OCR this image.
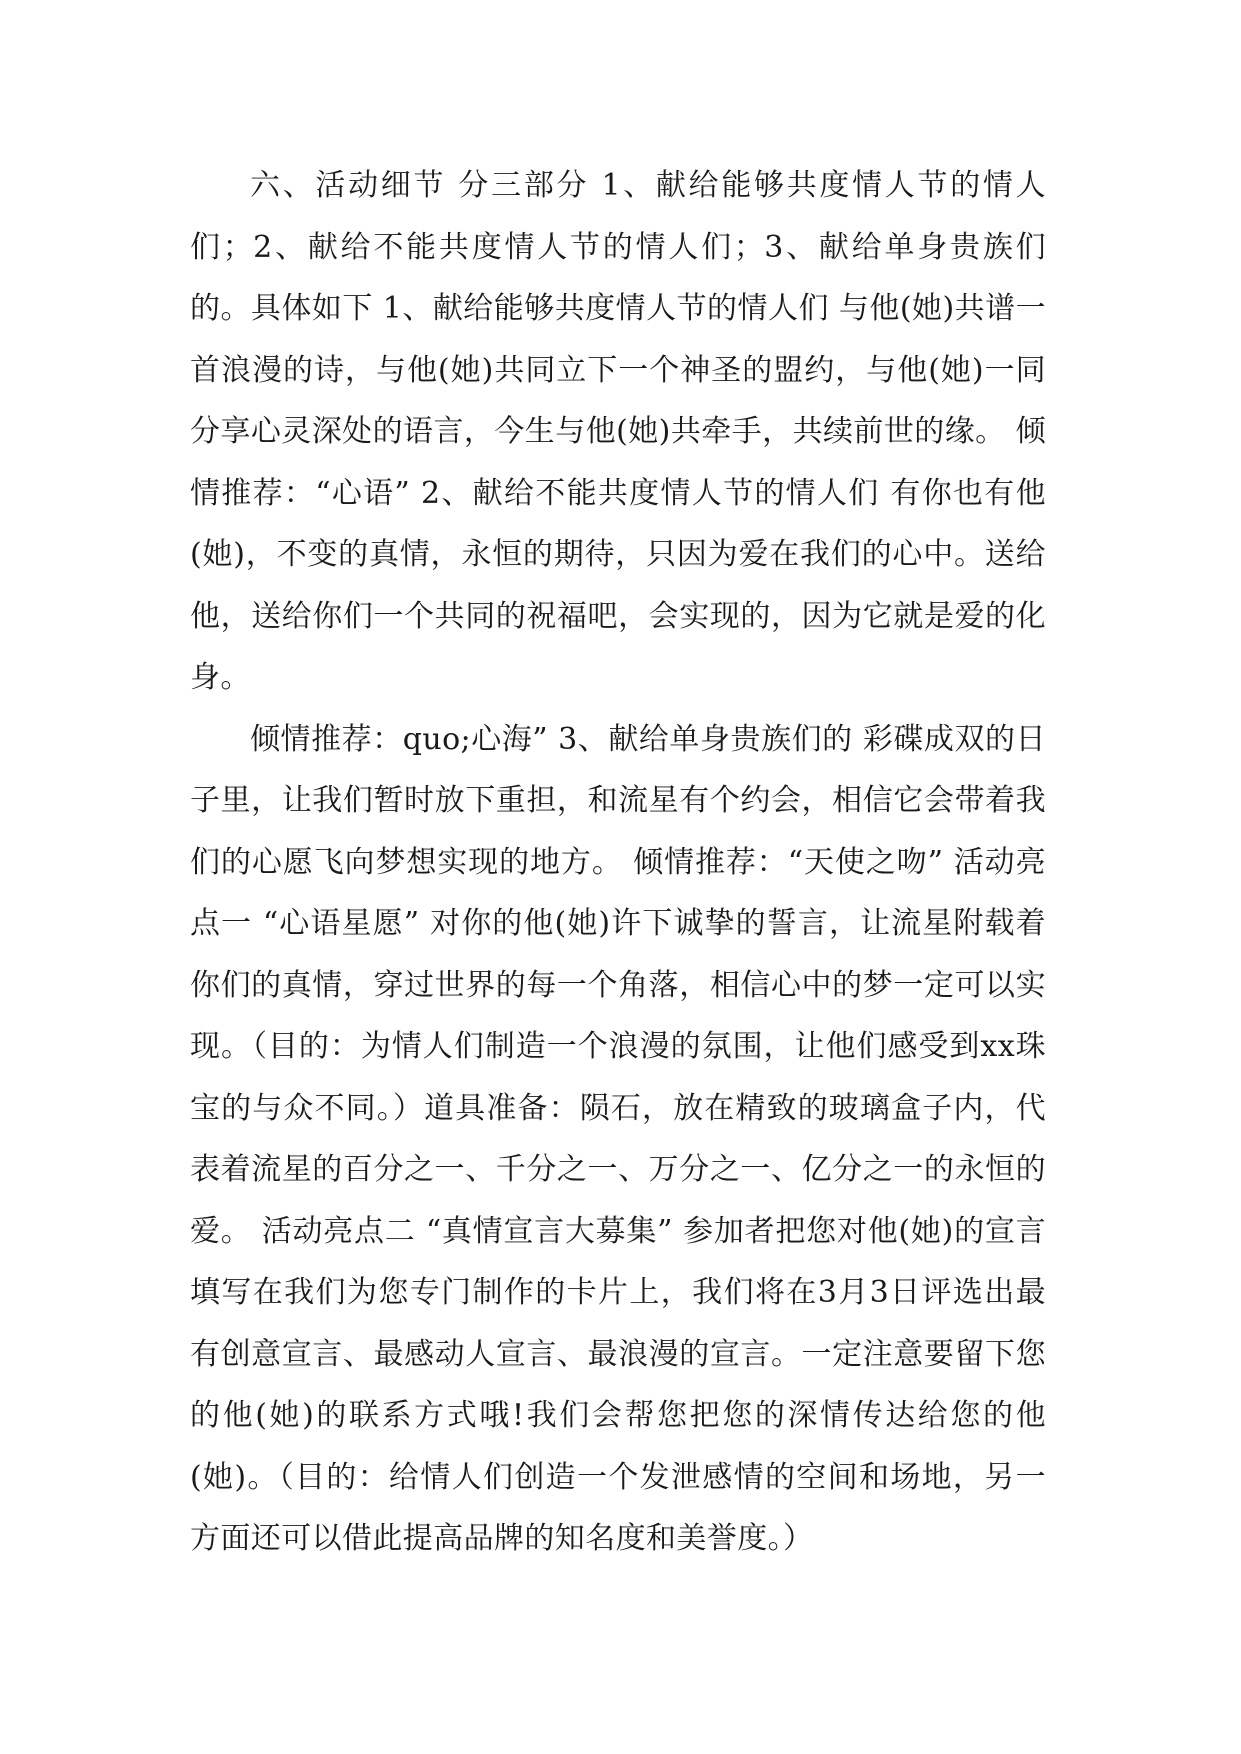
六、活动细节 分三部分 1、献给能够共度情人节的情人们；2、献给不能共度情人节的情人们；3、献给单身贵族们的。具体如下 1、献给能够共度情人节的情人们 与他(她)共谱一首浪漫的诗，与他(她)共同立下一个神圣的盟约，与他(她)一同分享心灵深处的语言，今生与他(她)共牵手，共续前世的缘。 倾情推荐：“心语” 2、献给不能共度情人节的情人们 有你也有他(她)，不变的真情，永恒的期待，只因为爱在我们的心中。送给他，送给你们一个共同的祝福吧，会实现的，因为它就是爱的化身。

倾情推荐：quo;心海” 3、献给单身贵族们的 彩碟成双的日子里，让我们暂时放下重担，和流星有个约会，相信它会带着我们的心愿飞向梦想实现的地方。 倾情推荐：“天使之吻” 活动亮点一 “心语星愿” 对你的他(她)许下诚挚的誓言，让流星附载着你们的真情，穿过世界的每一个角落，相信心中的梦一定可以实现。（目的：为情人们制造一个浪漫的氛围，让他们感受到xx珠宝的与众不同。）道具准备：陨石，放在精致的玻璃盒子内，代表着流星的百分之一、千分之一、万分之一、亿分之一的永恒的爱。 活动亮点二 “真情宣言大募集” 参加者把您对他(她)的宣言填写在我们为您专门制作的卡片上，我们将在3月3日评选出最有创意宣言、最感动人宣言、最浪漫的宣言。一定注意要留下您的他(她)的联系方式哦!我们会帮您把您的深情传达给您的他(她)。（目的：给情人们创造一个发泄感情的空间和场地，另一方面还可以借此提高品牌的知名度和美誉度。）
